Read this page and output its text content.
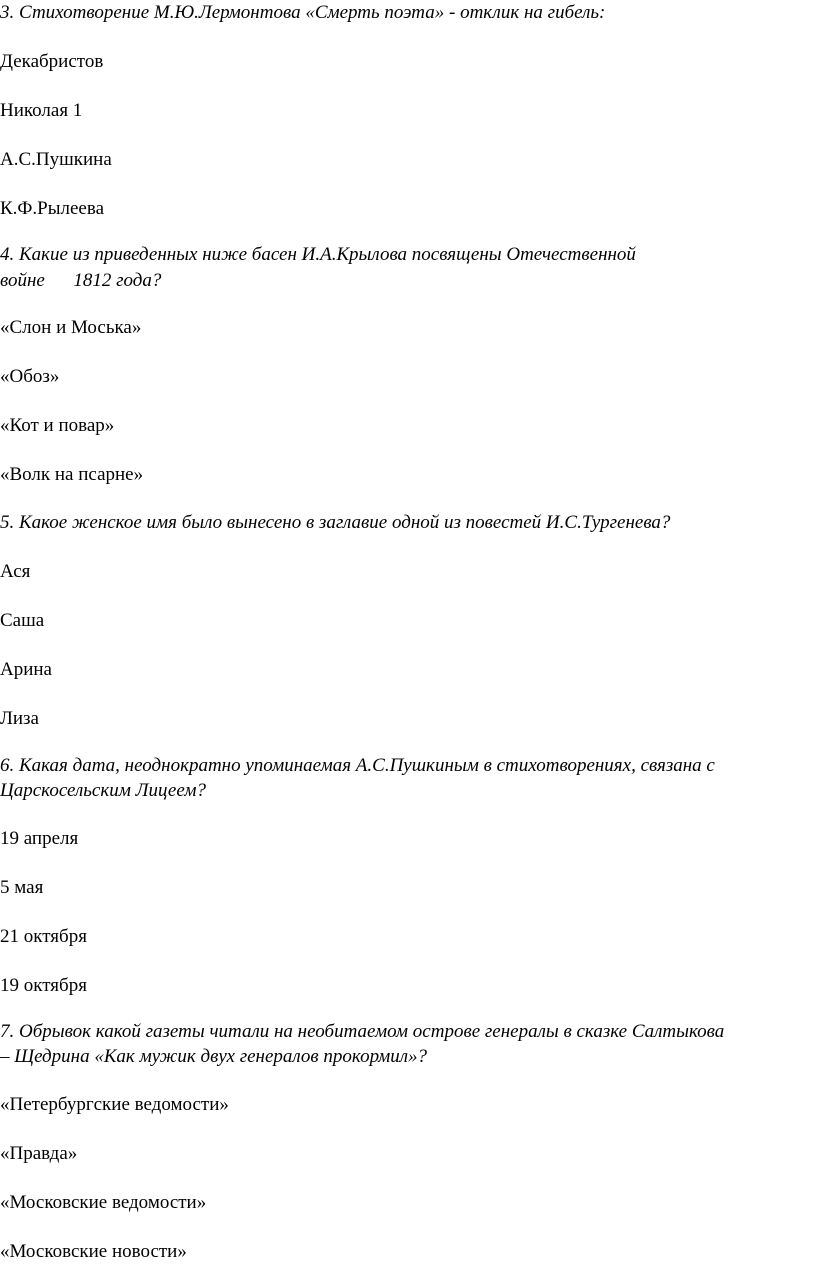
3. Стихотворение М.Ю.Лермонтова «Смерть поэта» - отклик на гибель:

Декабристов

Николая 1

А.С.Пушкина

К.Ф.Рылеева

4. Какие из приведенных ниже басен И.А.Крылова посвящены Отечественной

войне      1812 года?

«Слон и Моська»

«Обоз»

«Кот и повар»

«Волк на псарне»

5. Какое женское имя было вынесено в заглавие одной из повестей И.С.Тургенева?

Ася

Саша

Арина

Лиза

6. Какая дата, неоднократно упоминаемая А.С.Пушкиным в стихотворениях, связана с

Царскосельским Лицеем?

19 апреля

5 мая

21 октября

19 октября

7. Обрывок какой газеты читали на необитаемом острове генералы в сказке Салтыкова

– Щедрина «Как мужик двух генералов прокормил»?

«Петербургские ведомости»

«Правда»

«Московские ведомости»

«Московские новости»
